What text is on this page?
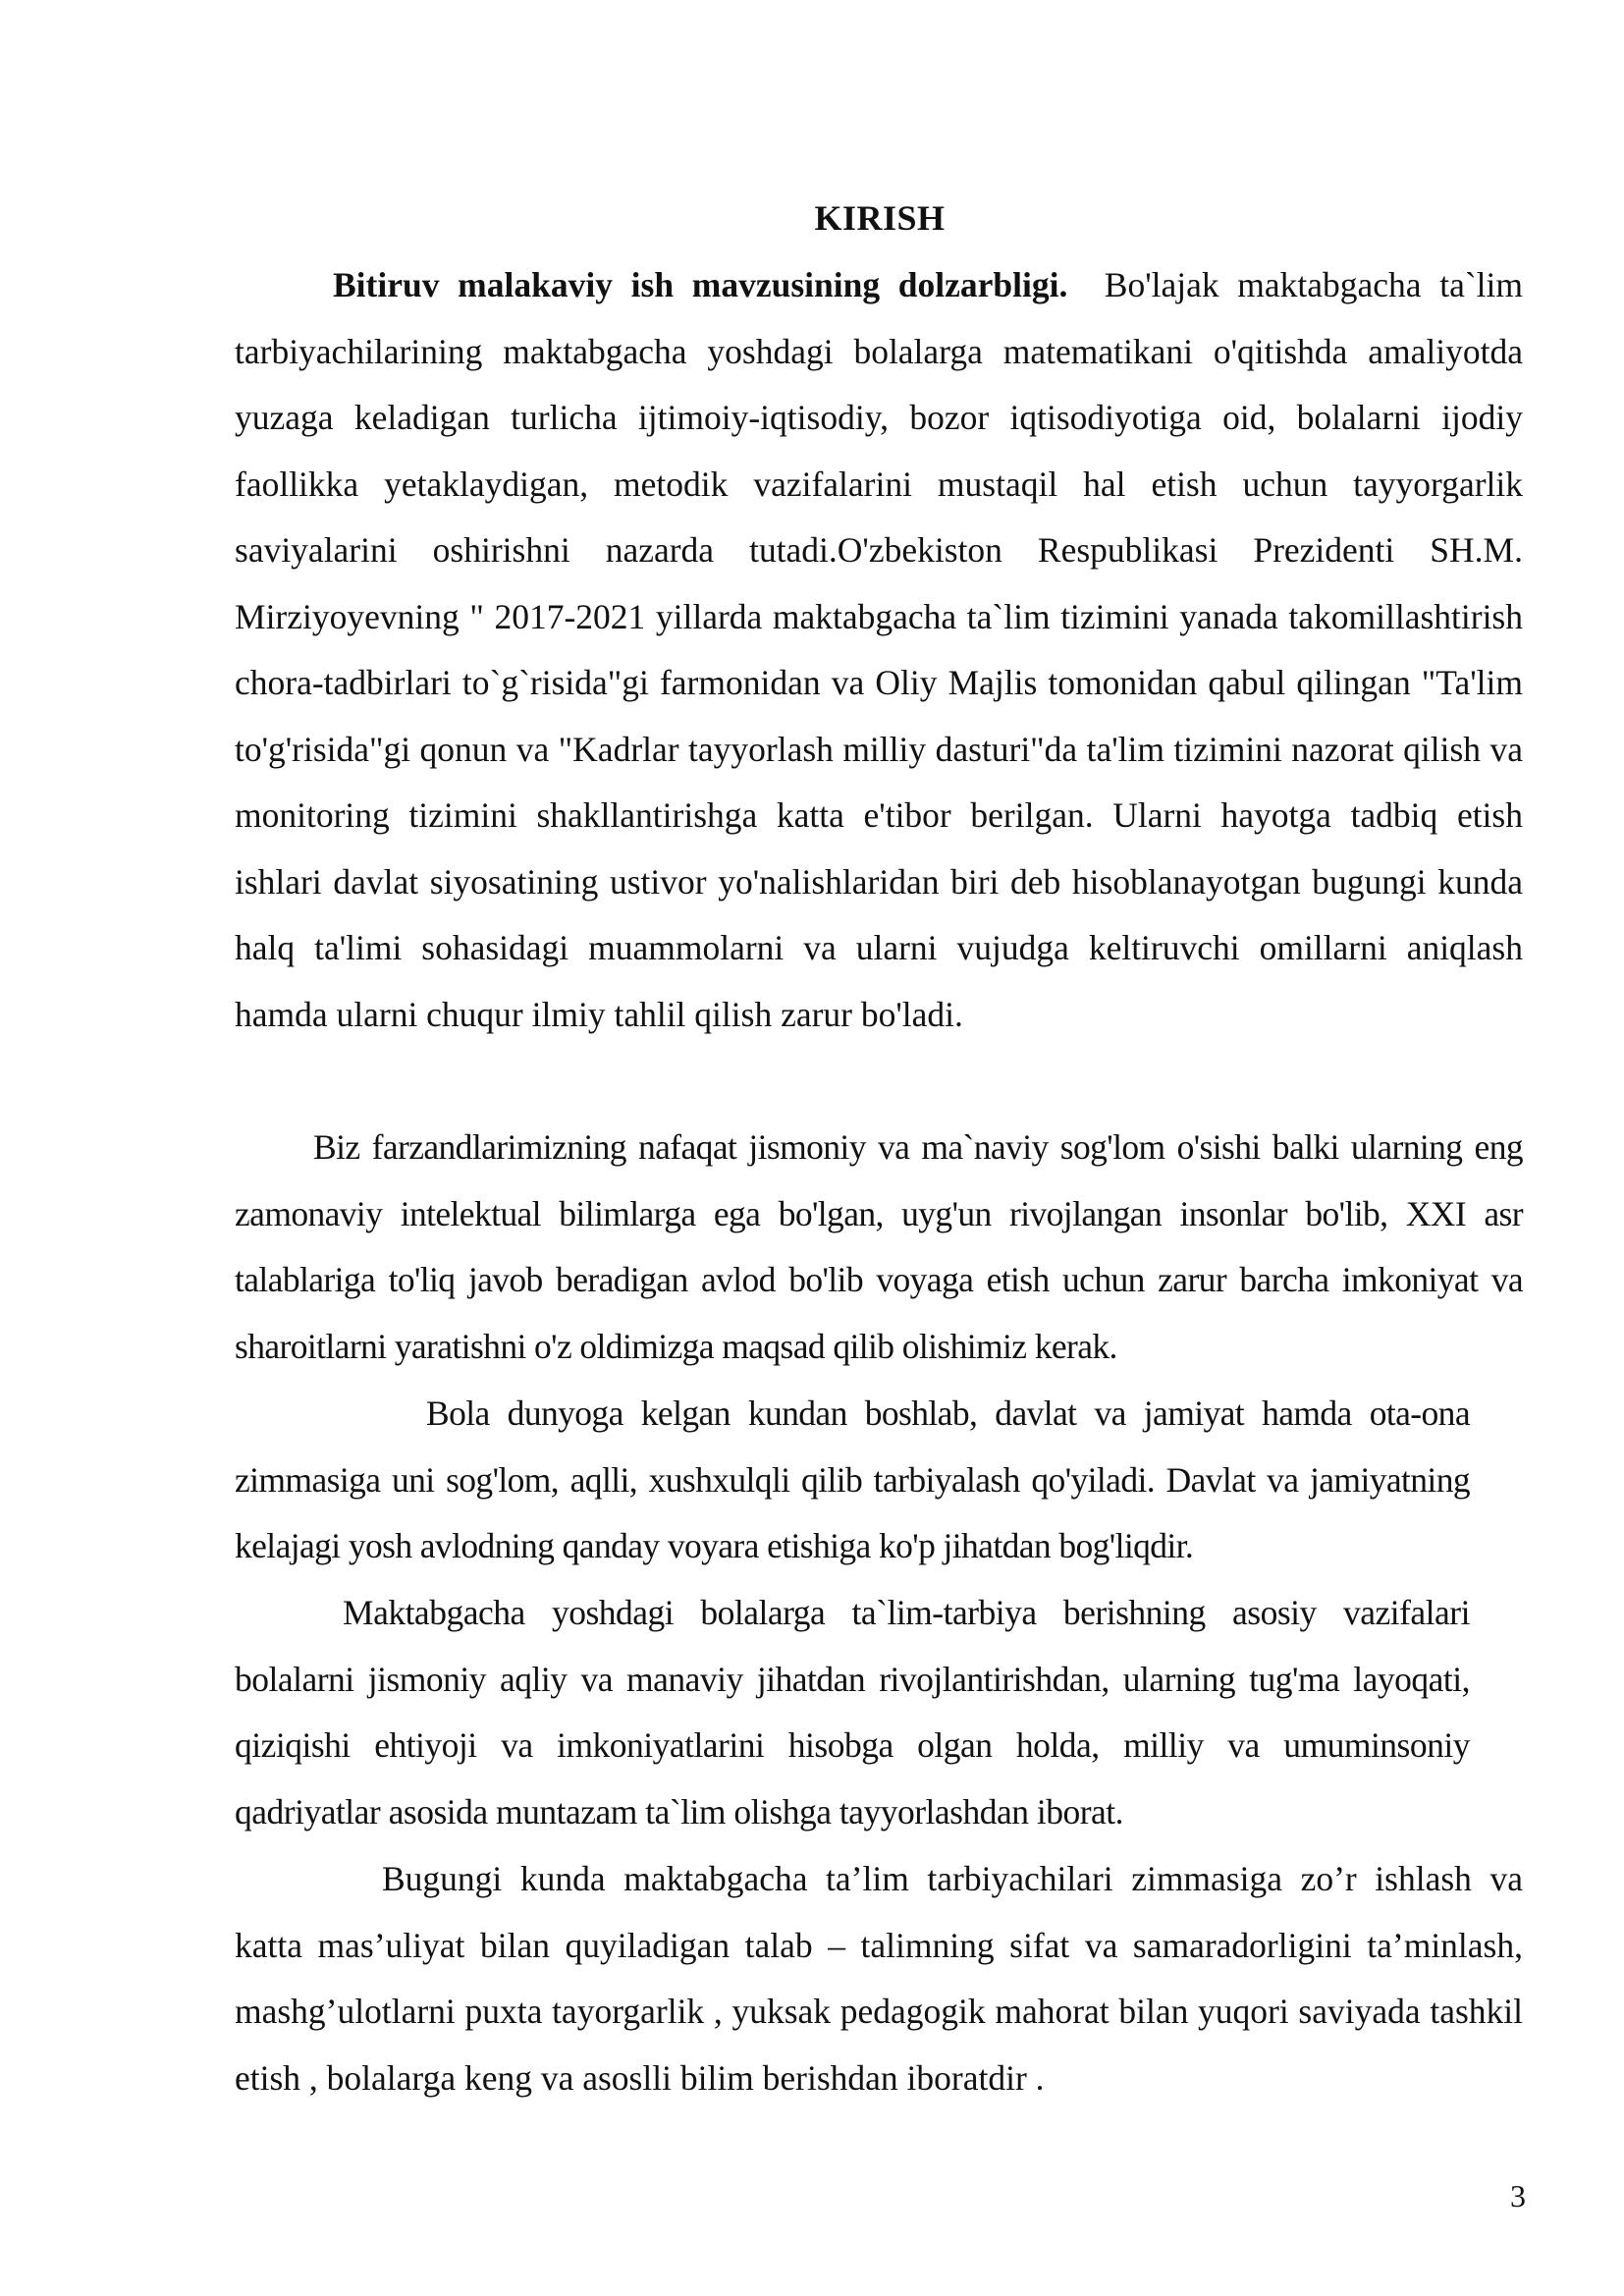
KIRISH

Bitiruv malakaviy ish mavzusining dolzarbligi. Bo'lajak maktabgacha ta`lim tarbiyachilarining maktabgacha yoshdagi bolalarga matematikani o'qitishda amaliyotda yuzaga keladigan turlicha ijtimoiy-iqtisodiy, bozor iqtisodiyotiga oid, bolalarni ijodiy faollikka yetaklaydigan, metodik vazifalarini mustaqil hal etish uchun tayyorgarlik saviyalarini oshirishni nazarda tutadi.O'zbekiston Respublikasi Prezidenti SH.M. Mirziyoyevning " 2017-2021 yillarda maktabgacha ta`lim tizimini yanada takomillashtirish chora-tadbirlari to`g`risida"gi farmonidan va Oliy Majlis tomonidan qabul qilingan "Ta'lim to'g'risida"gi qonun va "Kadrlar tayyorlash milliy dasturi"da ta'lim tizimini nazorat qilish va monitoring tizimini shakllantirishga katta e'tibor berilgan. Ularni hayotga tadbiq etish ishlari davlat siyosatining ustivor yo'nalishlaridan biri deb hisoblanayotgan bugungi kunda halq ta'limi sohasidagi muammolarni va ularni vujudga keltiruvchi omillarni aniqlash hamda ularni chuqur ilmiy tahlil qilish zarur bo'ladi.

Biz farzandlarimizning nafaqat jismoniy va ma`naviy sog'lom o'sishi balki ularning eng zamonaviy intelektual bilimlarga ega bo'lgan, uyg'un rivojlangan insonlar bo'lib, XXI asr talablariga to'liq javob beradigan avlod bo'lib voyaga etish uchun zarur barcha imkoniyat va sharoitlarni yaratishni o'z oldimizga maqsad qilib olishimiz kerak.

Bola dunyoga kelgan kundan boshlab, davlat va jamiyat hamda ota-ona zimmasiga uni sog'lom, aqlli, xushxulqli qilib tarbiyalash qo'yiladi. Davlat va jamiyatning kelajagi yosh avlodning qanday voyara etishiga ko'p jihatdan bog'liqdir.

Maktabgacha yoshdagi bolalarga ta`lim-tarbiya berishning asosiy vazifalari bolalarni jismoniy aqliy va manaviy jihatdan rivojlantirishdan, ularning tug'ma layoqati, qiziqishi ehtiyoji va imkoniyatlarini hisobga olgan holda, milliy va umuminsoniy qadriyatlar asosida muntazam ta`lim olishga tayyorlashdan iborat.

Bugungi kunda maktabgacha ta’lim tarbiyachilari zimmasiga zo’r ishlash va katta mas’uliyat bilan quyiladigan talab – talimning sifat va samaradorligini ta’minlash, mashg’ulotlarni puxta tayorgarlik , yuksak pedagogik mahorat bilan yuqori saviyada tashkil etish , bolalarga keng va asoslli bilim berishdan iboratdir .

3
